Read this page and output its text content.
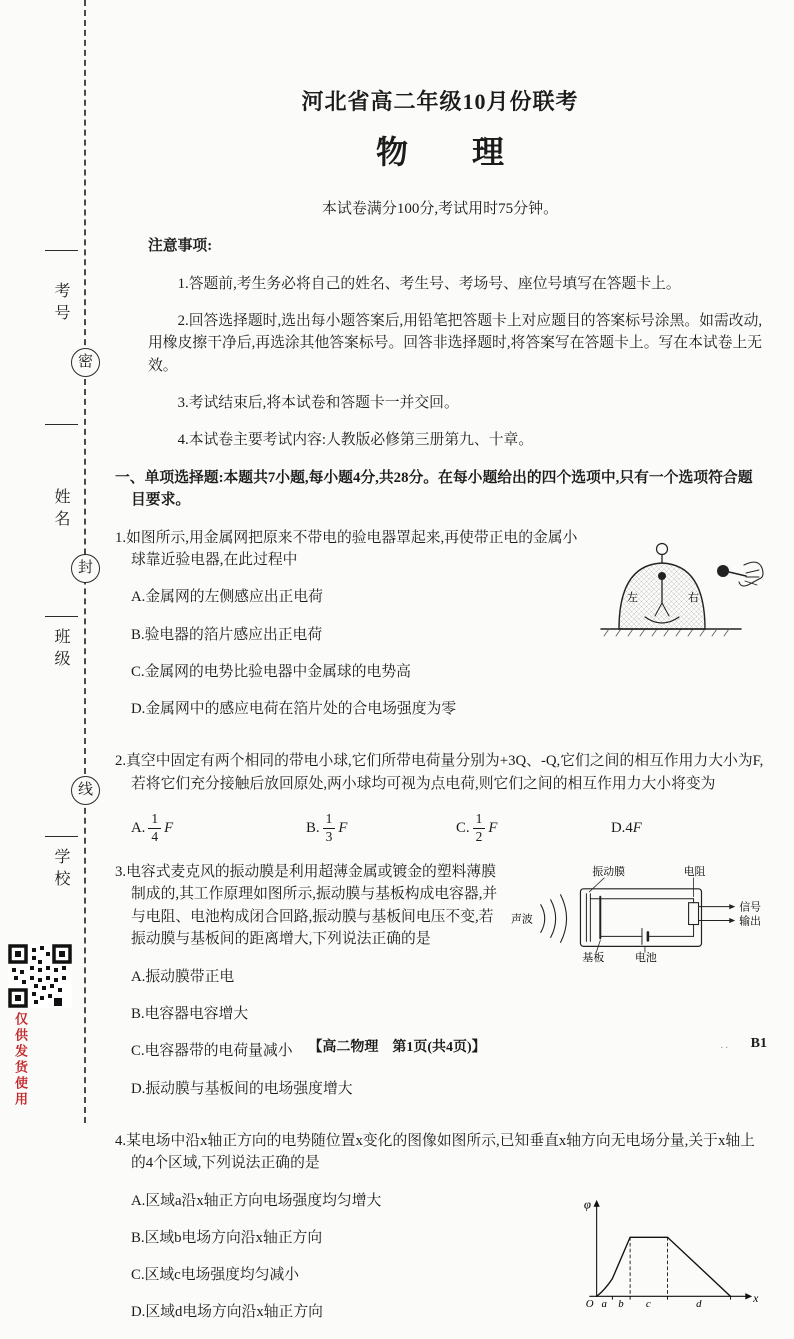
考号
密
姓名
封
班级
线
学校
仅供发货使用
河北省高二年级10月份联考
物　　理

本试卷满分100分,考试用时75分钟。

注意事项:

1.答题前,考生务必将自己的姓名、考生号、考场号、座位号填写在答题卡上。

2.回答选择题时,选出每小题答案后,用铅笔把答题卡上对应题目的答案标号涂黑。如需改动,用橡皮擦干净后,再选涂其他答案标号。回答非选择题时,将答案写在答题卡上。写在本试卷上无效。

3.考试结束后,将本试卷和答题卡一并交回。

4.本试卷主要考试内容:人教版必修第三册第九、十章。

一、单项选择题:本题共7小题,每小题4分,共28分。在每小题给出的四个选项中,只有一个选项符合题目要求。

左	右

1.如图所示,用金属网把原来不带电的验电器罩起来,再使带正电的金属小球靠近验电器,在此过程中

A.金属网的左侧感应出正电荷

B.验电器的箔片感应出正电荷

C.金属网的电势比验电器中金属球的电势高

D.金属网中的感应电荷在箔片处的合电场强度为零

2.真空中固定有两个相同的带电小球,它们所带电荷量分别为+3Q、-Q,它们之间的相互作用力大小为F,若将它们充分接触后放回原处,两小球均可视为点电荷,则它们之间的相互作用力大小将变为

A. $\frac{1}{4}$ F	B. $\frac{1}{3}$ F	C. $\frac{1}{2}$ F	D. 4 F
声波
信号
输出
振动膜	电阻
基板	电池

3.电容式麦克风的振动膜是利用超薄金属或镀金的塑料薄膜制成的,其工作原理如图所示,振动膜与基板构成电容器,并与电阻、电池构成闭合回路,振动膜与基板间电压不变,若振动膜与基板间的距离增大,下列说法正确的是

A.振动膜带正电

B.电容器电容增大

C.电容器带的电荷量减小

D.振动膜与基板间的电场强度增大

4.某电场中沿x轴正方向的电势随位置x变化的图像如图所示,已知垂直x轴方向无电场分量,关于x轴上的4个区域,下列说法正确的是

φ
x
O a b c	d

A.区域a沿x轴正方向电场强度均匀增大

B.区域b电场方向沿x轴正方向

C.区域c电场强度均匀减小

D.区域d电场方向沿x轴正方向

【高二物理　第1页(共4页)】	.. B1
